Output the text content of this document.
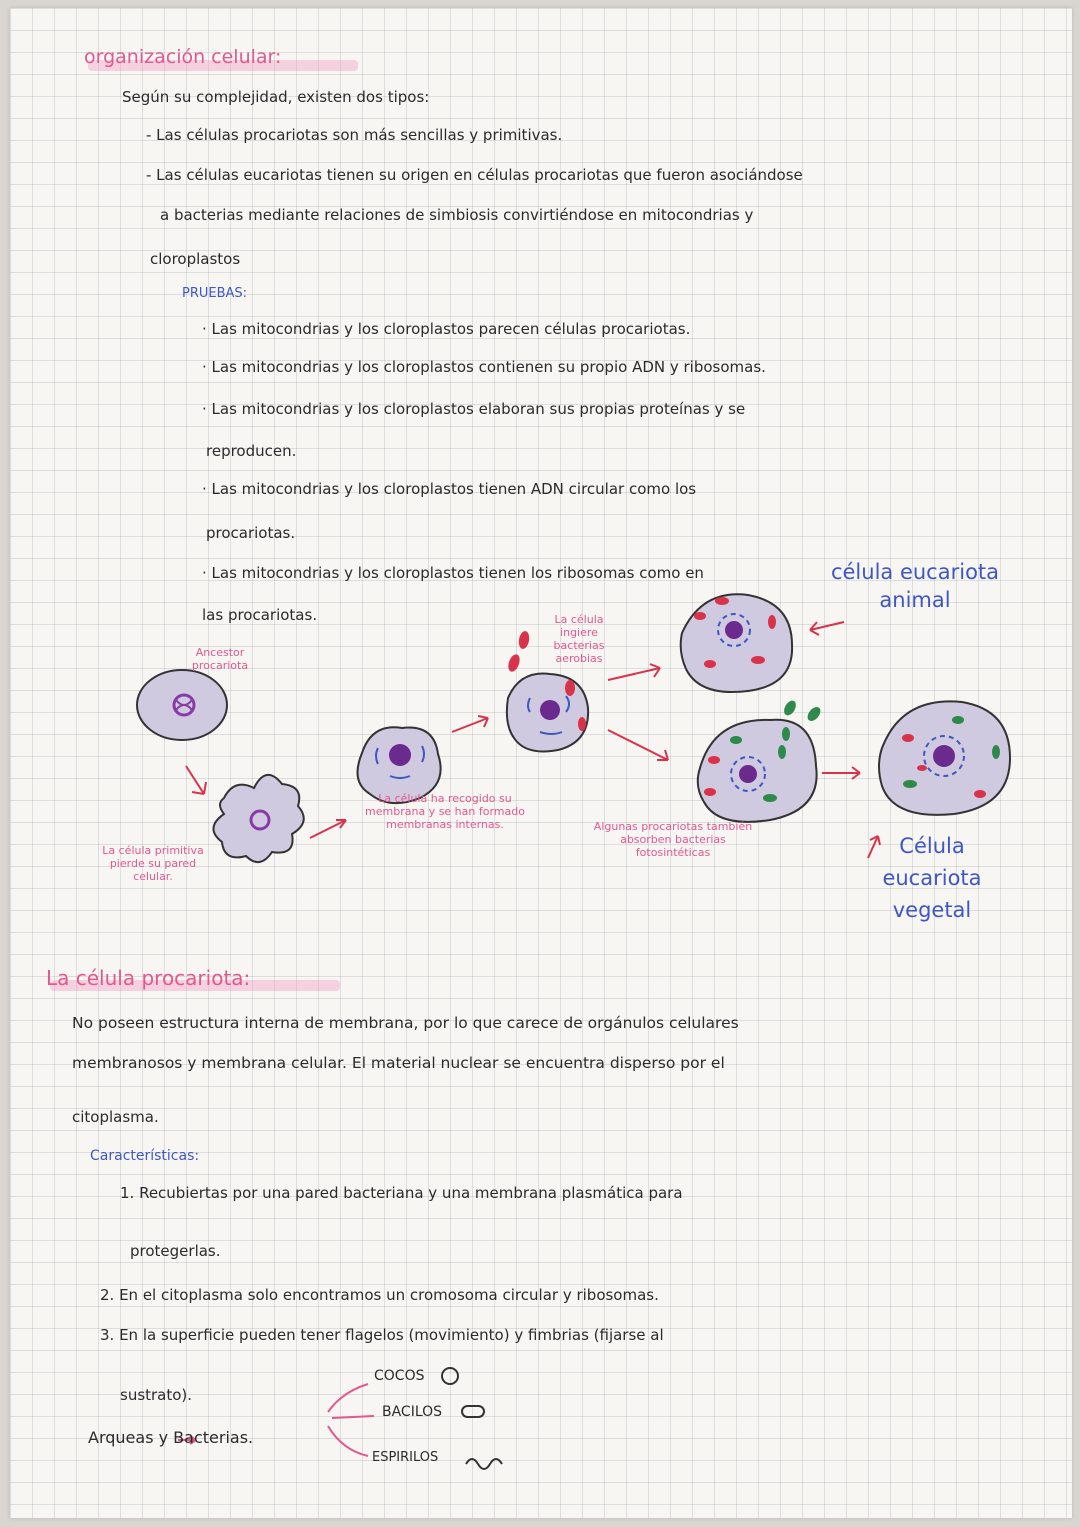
organización celular:
Según su complejidad, existen dos tipos:
- Las células procariotas son más sencillas y primitivas.
- Las células eucariotas tienen su origen en células procariotas que fueron asociándose
a bacterias mediante relaciones de simbiosis convirtiéndose en mitocondrias y
cloroplastos
PRUEBAS:
· Las mitocondrias y los cloroplastos parecen células procariotas.
· Las mitocondrias y los cloroplastos contienen su propio ADN y ribosomas.
· Las mitocondrias y los cloroplastos elaboran sus propias proteínas y se
reproducen.
· Las mitocondrias y los cloroplastos tienen ADN circular como los
procariotas.
· Las mitocondrias y los cloroplastos tienen los ribosomas como en
las procariotas.
Ancestor procariota
La célula primitiva pierde su pared celular.
La célula ha recogido su membrana y se han formado membranas internas.
La célula ingiere bacterias aerobias
Algunas procariotas también absorben bacterias fotosintéticas
célula eucariota animal
Célula eucariota vegetal
La célula procariota:
No poseen estructura interna de membrana, por lo que carece de orgánulos celulares
membranosos y membrana celular. El material nuclear se encuentra disperso por el
citoplasma.
Características:
1. Recubiertas por una pared bacteriana y una membrana plasmática para
protegerlas.
2. En el citoplasma solo encontramos un cromosoma circular y ribosomas.
3. En la superficie pueden tener flagelos (movimiento) y fimbrias (fijarse al
sustrato).
Arqueas y Bacterias.
COCOS
BACILOS
ESPIRILOS
